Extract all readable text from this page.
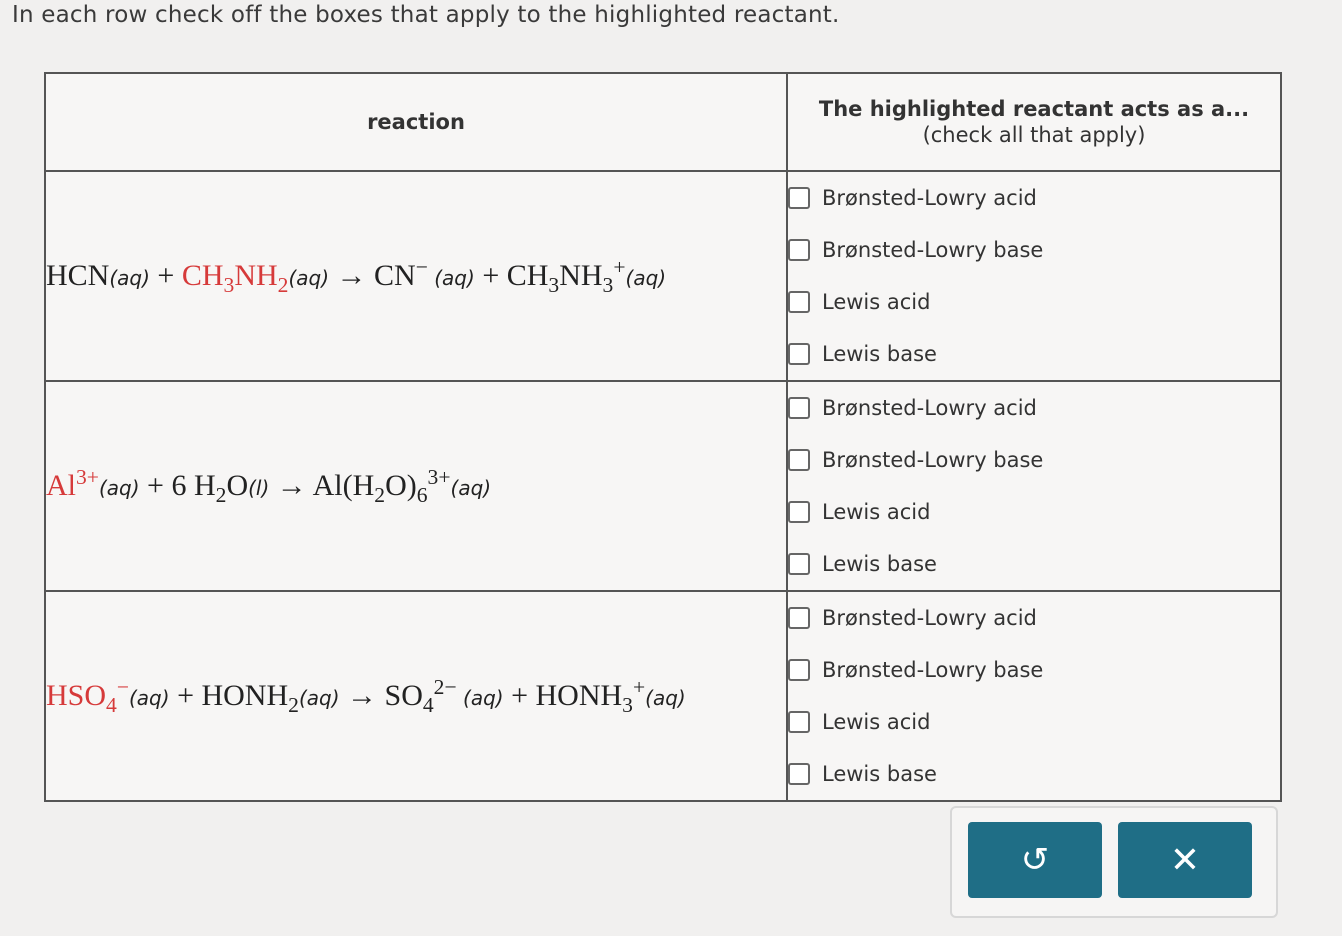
In each row check off the boxes that apply to the highlighted reactant.
reaction	The highlighted reactant acts as a...
(check all that apply)

$HCN(aq) + CH_3NH_2(aq) \to CN^-$ $(aq) + CH_3NH_3^+(aq)$	Brønsted-Lowry acid
Brønsted-Lowry base
Lewis acid
Lewis base

$Al^{3+}(aq) + 6$ $H_2O(l) \to Al(H_2O)_6^{3+}(aq)$	Brønsted-Lowry acid
Brønsted-Lowry base
Lewis acid
Lewis base

$HSO_4^-(aq)$ + $HONH_2(aq) \to SO_4^{2-}$ $(aq) + HONH_3^+(aq)$	Brønsted-Lowry acid
Brønsted-Lowry base
Lewis acid
Lewis base
↺	✕
